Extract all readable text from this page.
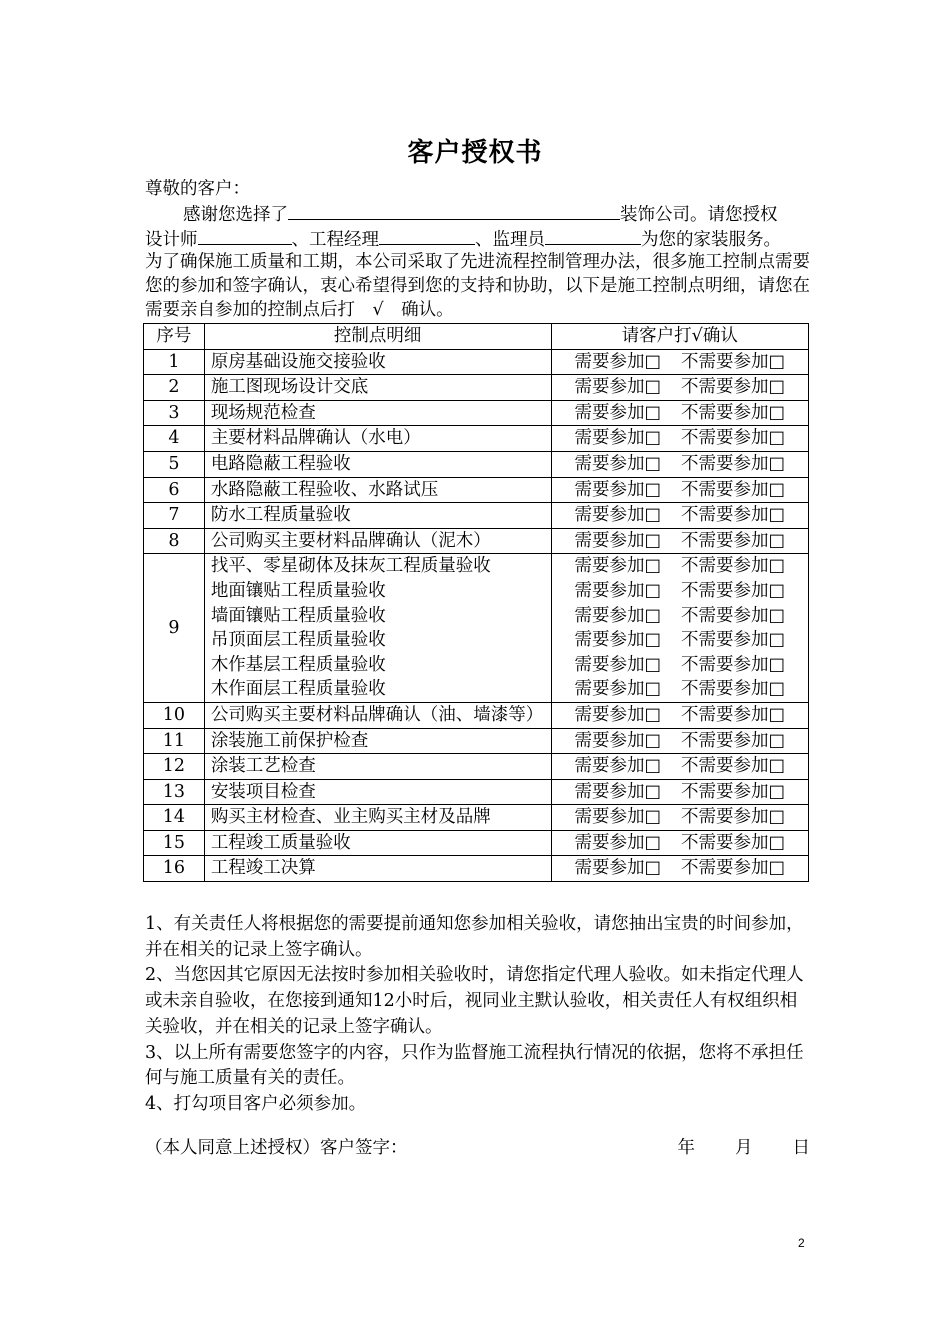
客户授权书
尊敬的客户：
感谢您选择了	装饰公司。请您授权
设计师	、工程经理	、监理员	为您的家装服务。
为了确保施工质量和工期，本公司采取了先进流程控制管理办法，很多施工控制点需要您的参加和签字确认，衷心希望得到您的支持和协助，以下是施工控制点明细，请您在需要亲自参加的控制点后打　√　确认。
序号	控制点明细	请客户打√确认
1	原房基础设施交接验收	需要参加□ 不需要参加□
2	施工图现场设计交底	需要参加□ 不需要参加□
3	现场规范检查	需要参加□ 不需要参加□
4	主要材料品牌确认（水电）	需要参加□ 不需要参加□
5	电路隐蔽工程验收	需要参加□ 不需要参加□
6	水路隐蔽工程验收、水路试压	需要参加□ 不需要参加□
7	防水工程质量验收	需要参加□ 不需要参加□
8	公司购买主要材料品牌确认（泥木）	需要参加□ 不需要参加□
9	找平、零星砌体及抹灰工程质量验收	需要参加□ 不需要参加□
	地面镶贴工程质量验收	需要参加□ 不需要参加□
	墙面镶贴工程质量验收	需要参加□ 不需要参加□
	吊顶面层工程质量验收	需要参加□ 不需要参加□
	木作基层工程质量验收	需要参加□ 不需要参加□
	木作面层工程质量验收	需要参加□ 不需要参加□
10	公司购买主要材料品牌确认（油、墙漆等）	需要参加□ 不需要参加□
11	涂装施工前保护检查	需要参加□ 不需要参加□
12	涂装工艺检查	需要参加□ 不需要参加□
13	安装项目检查	需要参加□ 不需要参加□
14	购买主材检查、业主购买主材及品牌	需要参加□ 不需要参加□
15	工程竣工质量验收	需要参加□ 不需要参加□
16	工程竣工决算	需要参加□ 不需要参加□
1、有关责任人将根据您的需要提前通知您参加相关验收，请您抽出宝贵的时间参加，并在相关的记录上签字确认。
2、当您因其它原因无法按时参加相关验收时，请您指定代理人验收。如未指定代理人或未亲自验收，在您接到通知12小时后，视同业主默认验收，相关责任人有权组织相关验收，并在相关的记录上签字确认。
3、以上所有需要您签字的内容，只作为监督施工流程执行情况的依据，您将不承担任何与施工质量有关的责任。
4、打勾项目客户必须参加。
（本人同意上述授权）客户签字：	年 月 日
2
